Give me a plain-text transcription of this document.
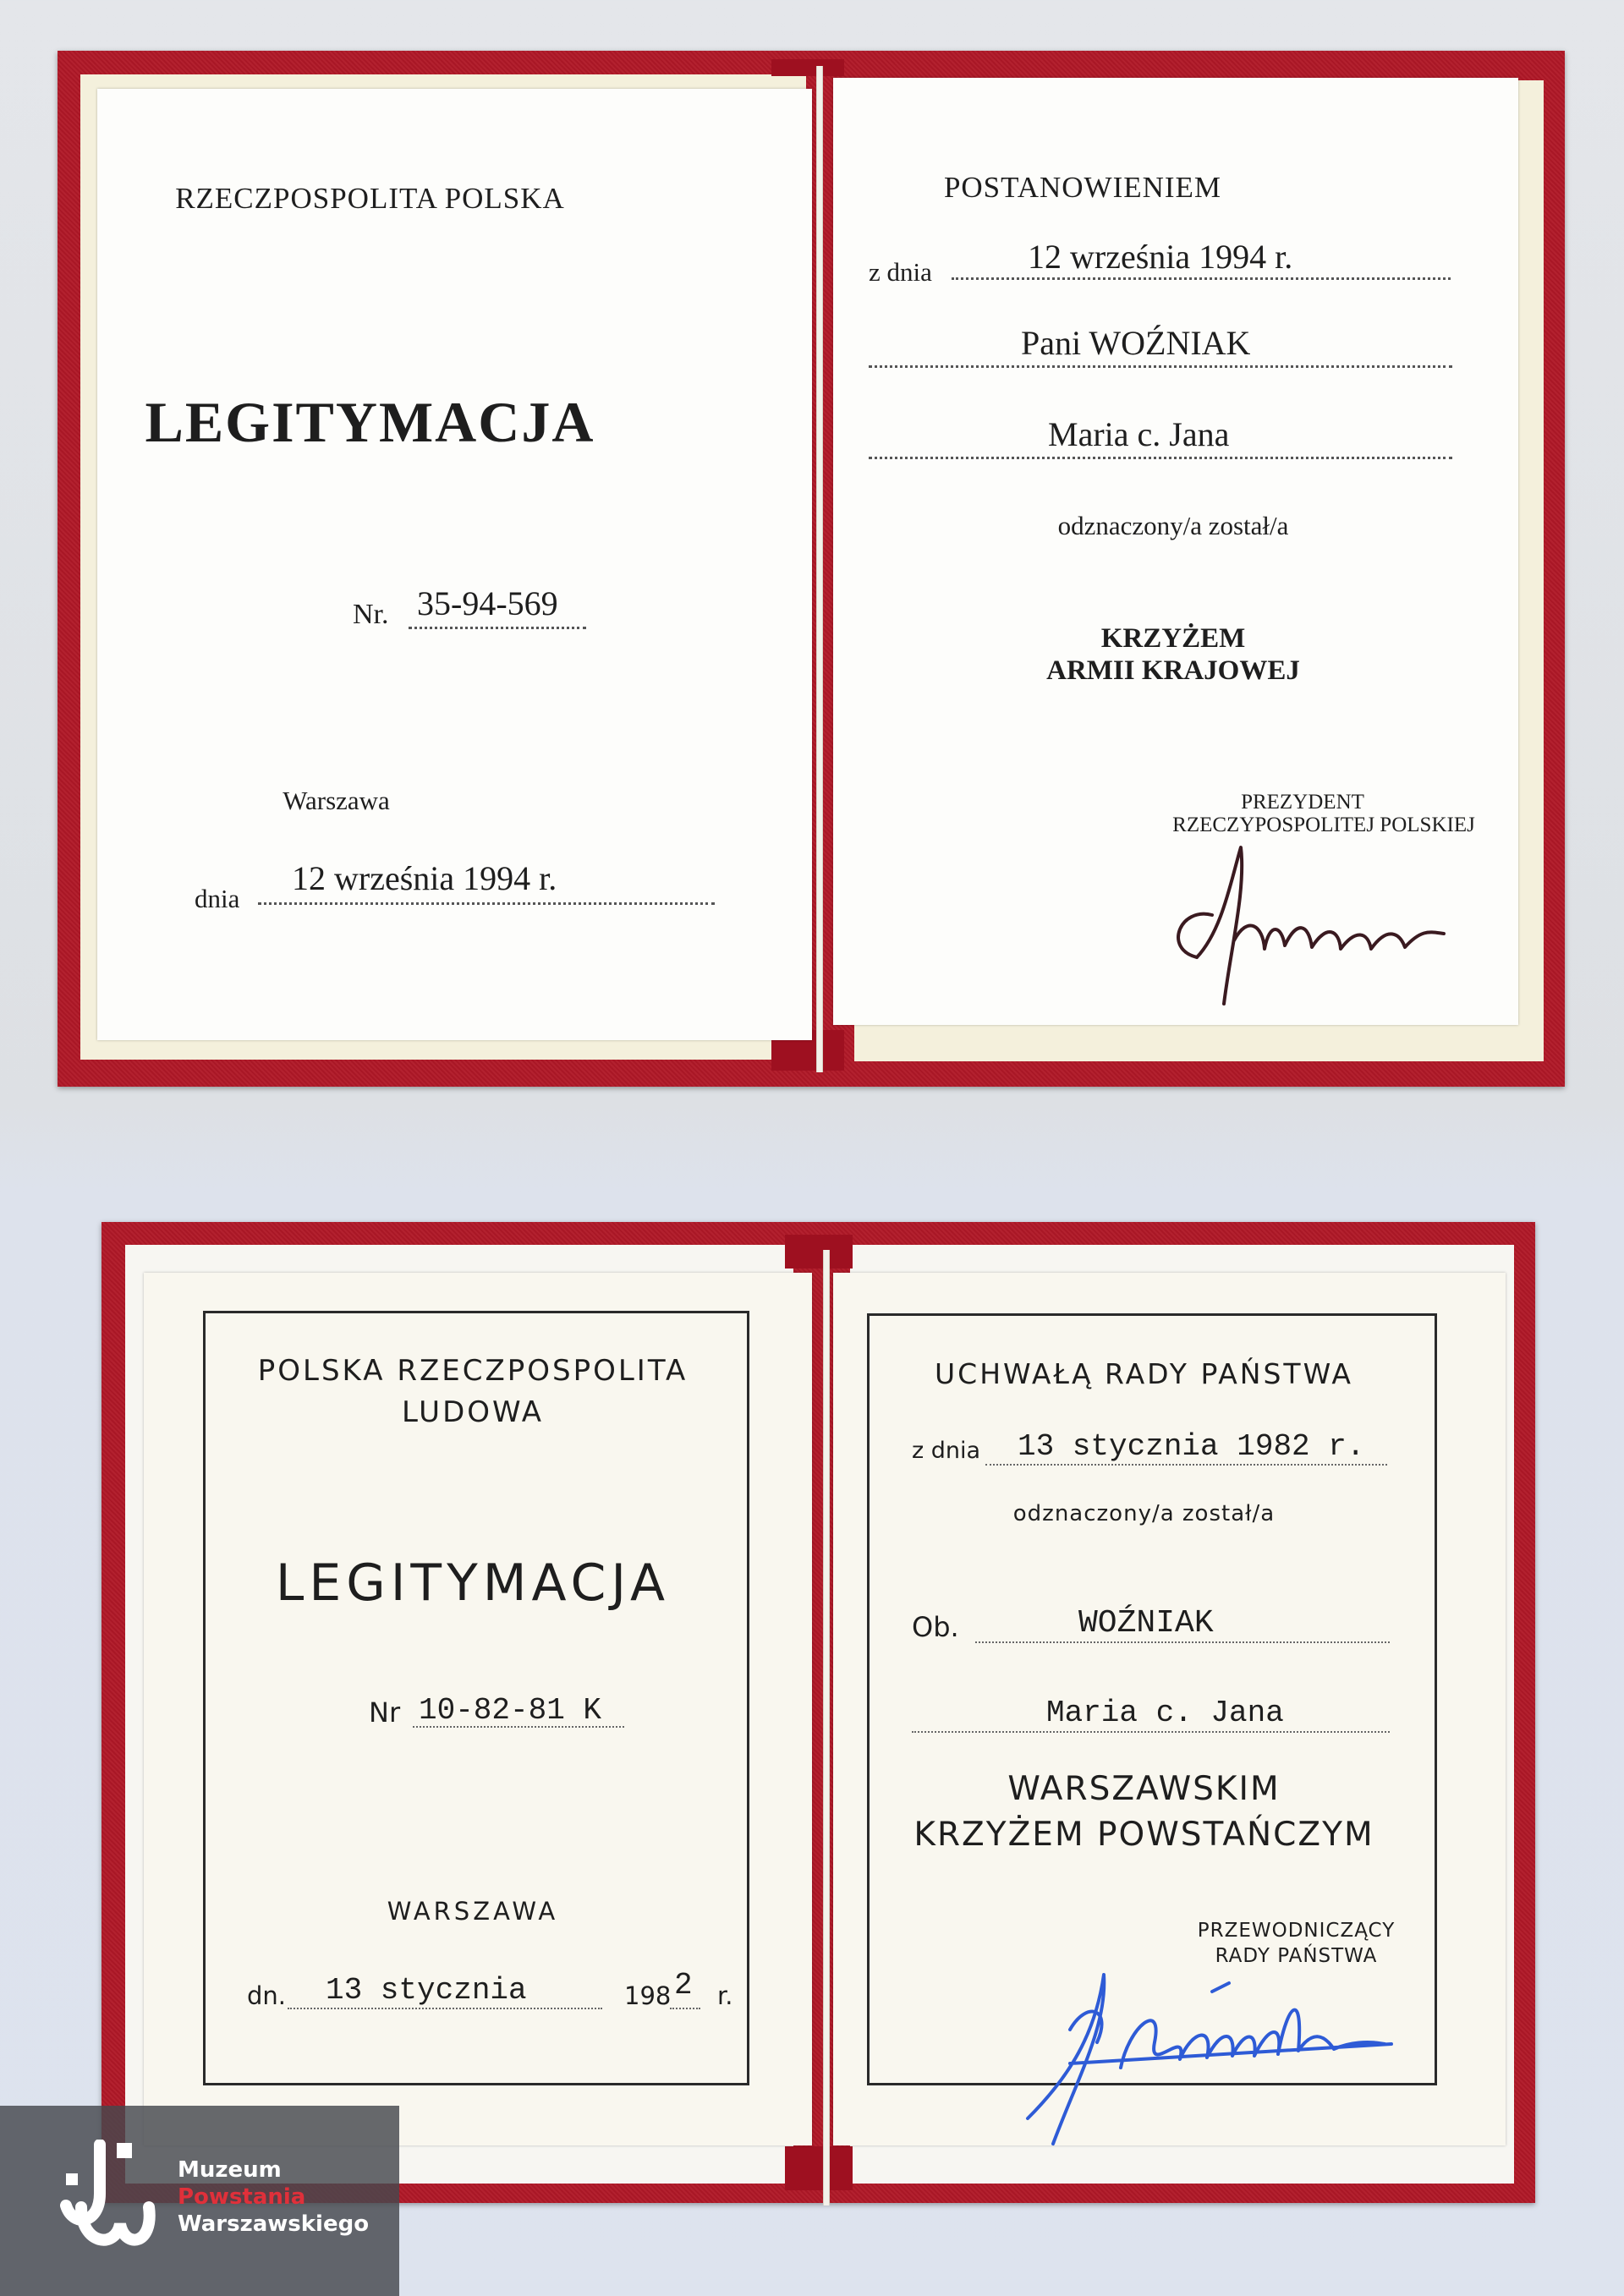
RZECZPOSPOLITA POLSKA
LEGITYMACJA
Nr. 35-94-569
Warszawa
dnia
12 września 1994 r.
POSTANOWIENIEM
z dnia	12 września 1994 r.
Pani WOŹNIAK
Maria c. Jana
odznaczony/a został/a
KRZYŻEM
ARMII KRAJOWEJ
PREZYDENT
RZECZYPOSPOLITEJ POLSKIEJ
POLSKA RZECZPOSPOLITA
LUDOWA
LEGITYMACJA
Nr 10-82-81 K
WARSZAWA
dn. 13 stycznia	198 2 r.
UCHWAŁĄ RADY PAŃSTWA
z dnia 13 stycznia 1982 r.
odznaczony/a został/a
Ob.	WOŹNIAK
Maria c. Jana
WARSZAWSKIM
KRZYŻEM POWSTAŃCZYM
PRZEWODNICZĄCY
RADY PAŃSTWA
Muzeum
Powstania
Warszawskiego
